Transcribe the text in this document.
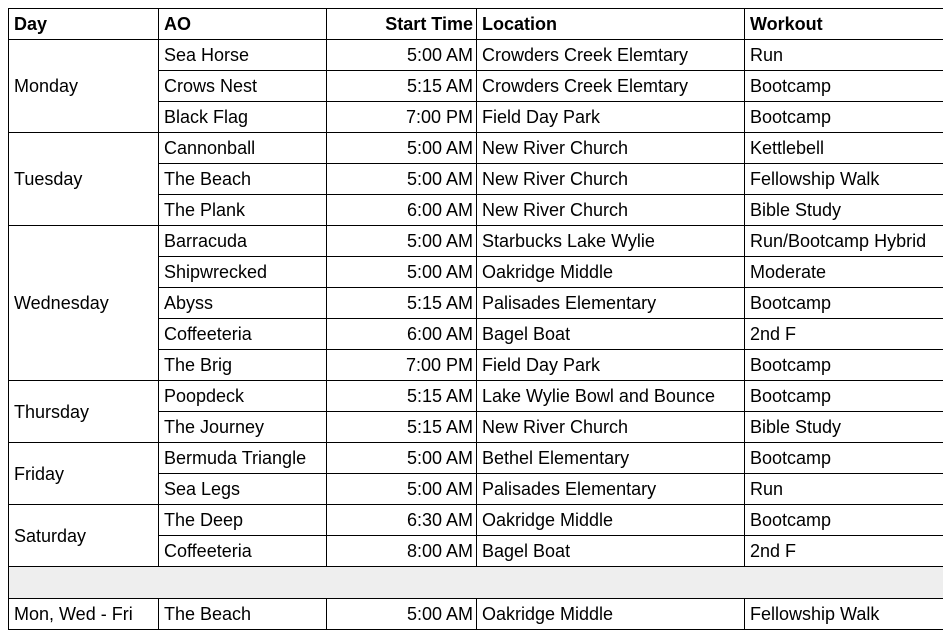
Day	AO	Start Time	Location	Workout
Monday	Sea Horse	5:00 AM	Crowders Creek Elemtary	Run
	Crows Nest	5:15 AM	Crowders Creek Elemtary	Bootcamp
	Black Flag	7:00 PM	Field Day Park	Bootcamp
Tuesday	Cannonball	5:00 AM	New River Church	Kettlebell
	The Beach	5:00 AM	New River Church	Fellowship Walk
	The Plank	6:00 AM	New River Church	Bible Study
Wednesday	Barracuda	5:00 AM	Starbucks Lake Wylie	Run/Bootcamp Hybrid
	Shipwrecked	5:00 AM	Oakridge Middle	Moderate
	Abyss	5:15 AM	Palisades Elementary	Bootcamp
	Coffeeteria	6:00 AM	Bagel Boat	2nd F
	The Brig	7:00 PM	Field Day Park	Bootcamp
Thursday	Poopdeck	5:15 AM	Lake Wylie Bowl and Bounce	Bootcamp
	The Journey	5:15 AM	New River Church	Bible Study
Friday	Bermuda Triangle	5:00 AM	Bethel Elementary	Bootcamp
	Sea Legs	5:00 AM	Palisades Elementary	Run
Saturday	The Deep	6:30 AM	Oakridge Middle	Bootcamp
	Coffeeteria	8:00 AM	Bagel Boat	2nd F

Mon, Wed - Fri	The Beach	5:00 AM	Oakridge Middle	Fellowship Walk
